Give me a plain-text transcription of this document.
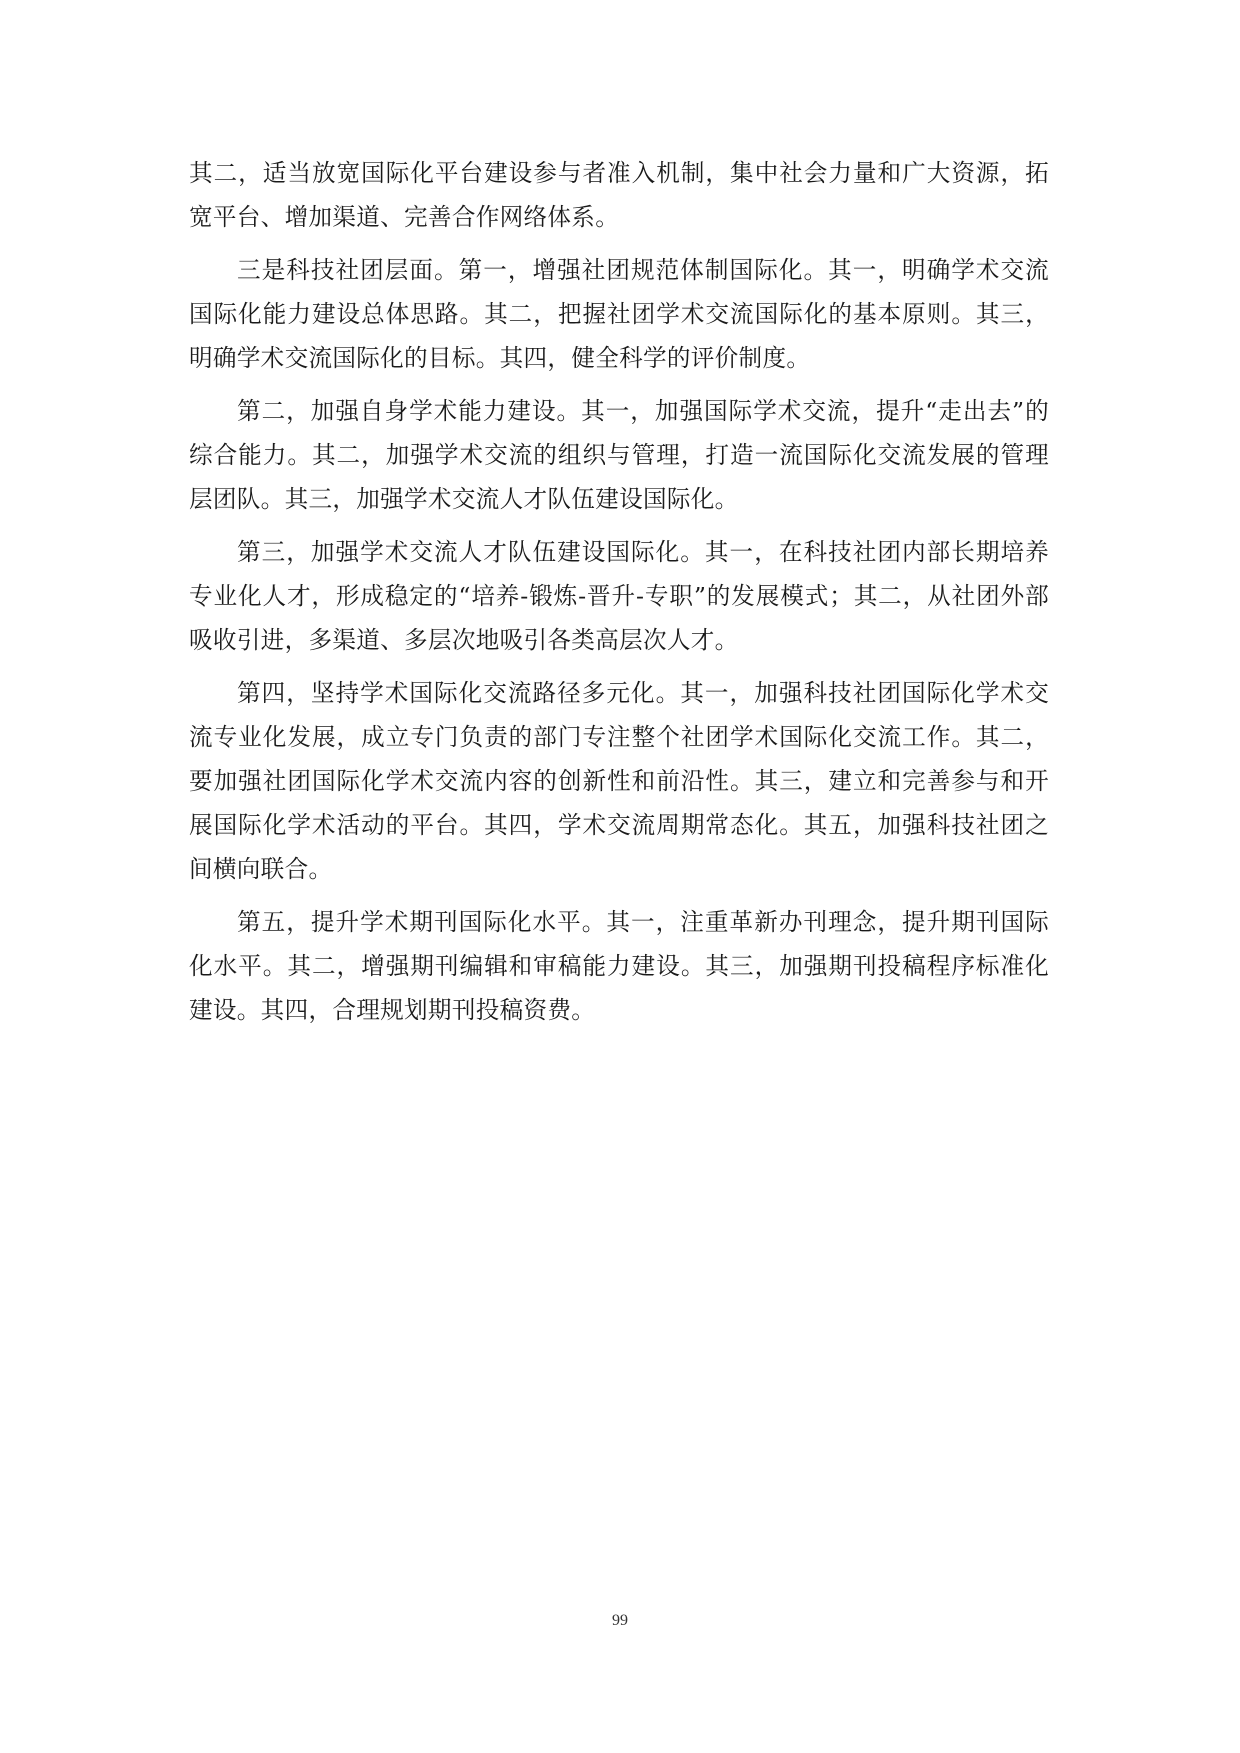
其二，适当放宽国际化平台建设参与者准入机制，集中社会力量和广大资源，拓宽平台、增加渠道、完善合作网络体系。

三是科技社团层面。第一，增强社团规范体制国际化。其一，明确学术交流国际化能力建设总体思路。其二，把握社团学术交流国际化的基本原则。其三，明确学术交流国际化的目标。其四，健全科学的评价制度。

第二，加强自身学术能力建设。其一，加强国际学术交流，提升“走出去”的综合能力。其二，加强学术交流的组织与管理，打造一流国际化交流发展的管理层团队。其三，加强学术交流人才队伍建设国际化。

第三，加强学术交流人才队伍建设国际化。其一，在科技社团内部长期培养专业化人才，形成稳定的“培养-锻炼-晋升-专职”的发展模式；其二，从社团外部吸收引进，多渠道、多层次地吸引各类高层次人才。

第四，坚持学术国际化交流路径多元化。其一，加强科技社团国际化学术交流专业化发展，成立专门负责的部门专注整个社团学术国际化交流工作。其二，要加强社团国际化学术交流内容的创新性和前沿性。其三，建立和完善参与和开展国际化学术活动的平台。其四，学术交流周期常态化。其五，加强科技社团之间横向联合。

第五，提升学术期刊国际化水平。其一，注重革新办刊理念，提升期刊国际化水平。其二，增强期刊编辑和审稿能力建设。其三，加强期刊投稿程序标准化建设。其四，合理规划期刊投稿资费。

99
